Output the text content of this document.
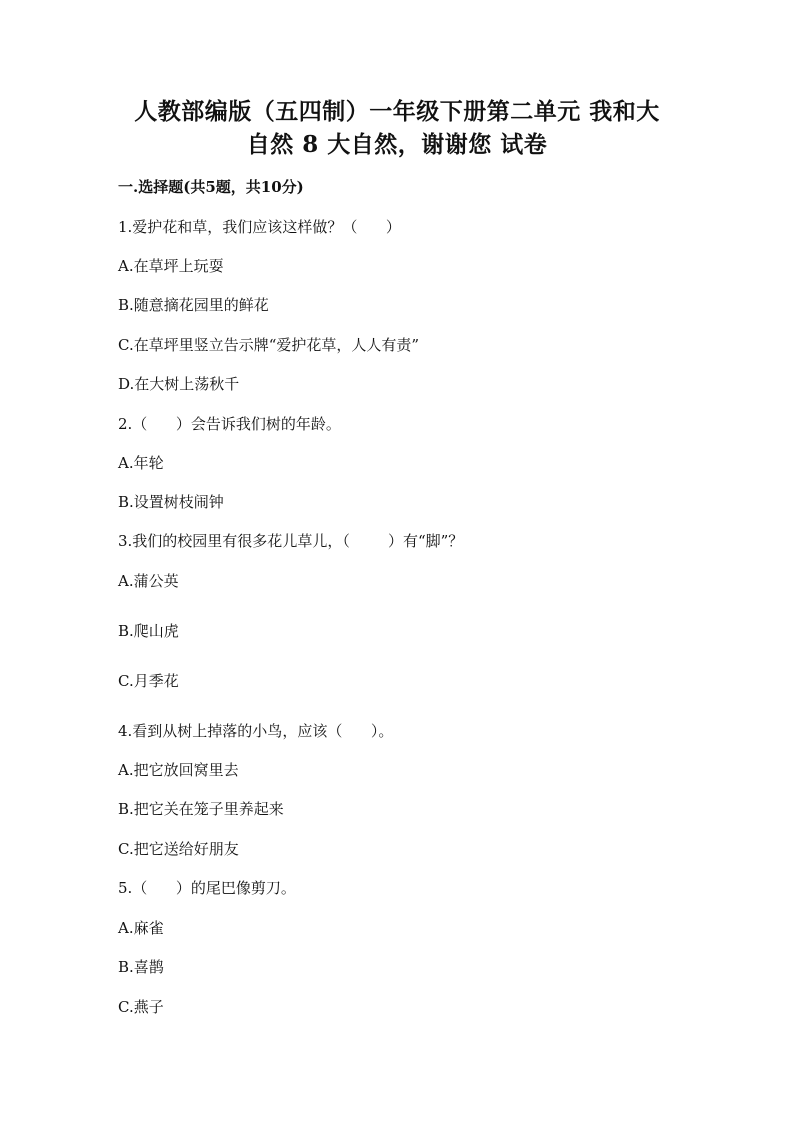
人教部编版（五四制）一年级下册第二单元 我和大
自然 8 大自然，谢谢您 试卷
一.选择题(共5题，共10分)
1.爱护花和草，我们应该这样做？（      ）
A.在草坪上玩耍
B.随意摘花园里的鲜花
C.在草坪里竖立告示牌“爱护花草，人人有责”
D.在大树上荡秋千
2.（      ）会告诉我们树的年龄。
A.年轮
B.设置树枝闹钟
3.我们的校园里有很多花儿草儿，（        ）有“脚”？
A.蒲公英
B.爬山虎
C.月季花
4.看到从树上掉落的小鸟，应该（      ）。
A.把它放回窝里去
B.把它关在笼子里养起来
C.把它送给好朋友
5.（      ）的尾巴像剪刀。
A.麻雀
B.喜鹊
C.燕子
